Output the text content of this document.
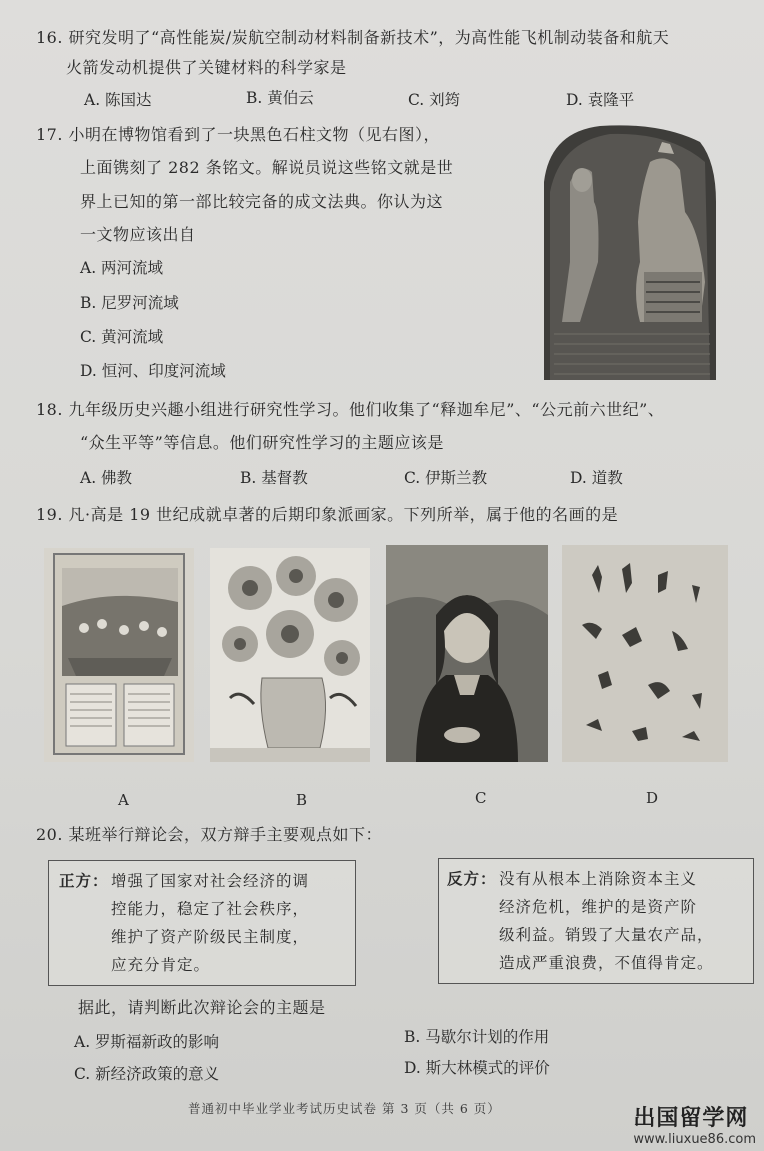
16. 研究发明了“高性能炭/炭航空制动材料制备新技术”，为高性能飞机制动装备和航天
火箭发动机提供了关键材料的科学家是
A. 陈国达	B. 黄伯云	C. 刘筠	D. 袁隆平
17. 小明在博物馆看到了一块黑色石柱文物（见右图），
上面镌刻了 282 条铭文。解说员说这些铭文就是世
界上已知的第一部比较完备的成文法典。你认为这
一文物应该出自
A. 两河流域
B. 尼罗河流域
C. 黄河流域
D. 恒河、印度河流域
18. 九年级历史兴趣小组进行研究性学习。他们收集了“释迦牟尼”、“公元前六世纪”、
“众生平等”等信息。他们研究性学习的主题应该是
A. 佛教	B. 基督教	C. 伊斯兰教	D. 道教
19. 凡·高是 19 世纪成就卓著的后期印象派画家。下列所举，属于他的名画的是
A	B	C	D
20. 某班举行辩论会，双方辩手主要观点如下：
正方： 增强了国家对社会经济的调
控能力，稳定了社会秩序，
维护了资产阶级民主制度，
应充分肯定。
反方： 没有从根本上消除资本主义
经济危机，维护的是资产阶
级利益。销毁了大量农产品，
造成严重浪费，不值得肯定。
据此，请判断此次辩论会的主题是
A. 罗斯福新政的影响	B. 马歇尔计划的作用
C. 新经济政策的意义	D. 斯大林模式的评价
普通初中毕业学业考试历史试卷 第 3 页（共 6 页）	出国留学网
www.liuxue86.com
